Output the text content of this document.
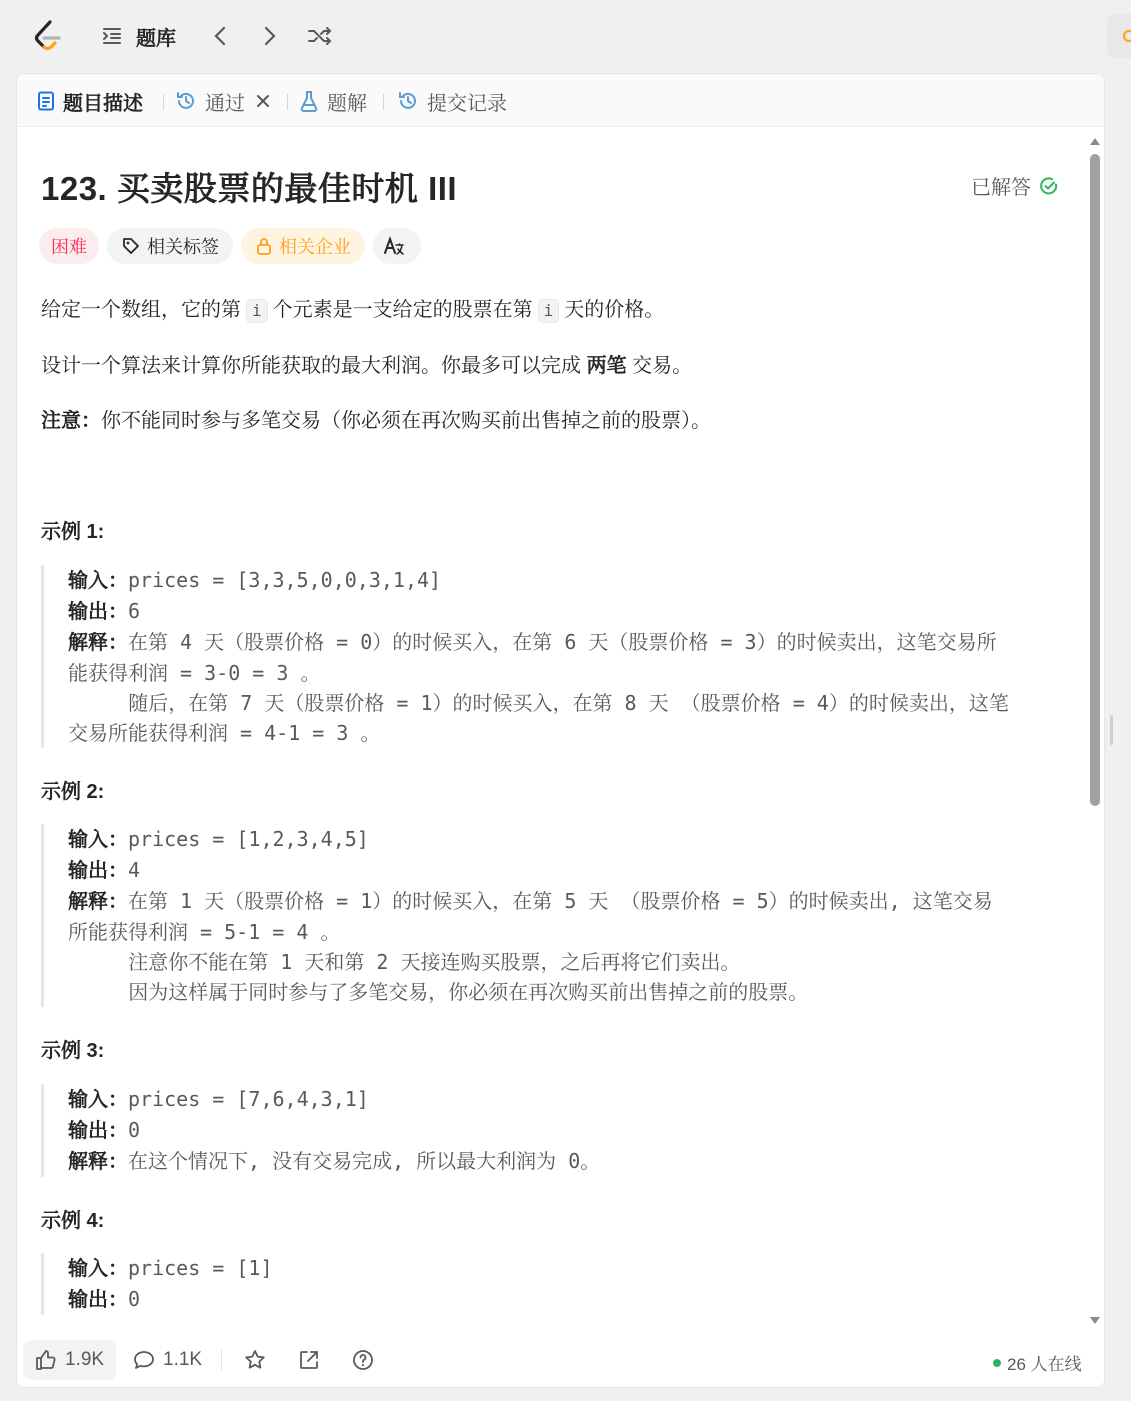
题库
题目描述	通过	题解	提交记录
123. 买卖股票的最佳时机 III	已解答
困难	相关标签	相关企业
给定一个数组，它的第 i 个元素是一支给定的股票在第 i 天的价格。
设计一个算法来计算你所能获取的最大利润。你最多可以完成 两笔 交易。
注意：你不能同时参与多笔交易（你必须在再次购买前出售掉之前的股票）。
示例 1:
输入：prices = [3,3,5,0,0,3,1,4]
输出：6
解释：在第 4 天（股票价格 = 0）的时候买入，在第 6 天（股票价格 = 3）的时候卖出，这笔交易所
能获得利润 = 3-0 = 3 。
随后，在第 7 天（股票价格 = 1）的时候买入，在第 8 天 （股票价格 = 4）的时候卖出，这笔
交易所能获得利润 = 4-1 = 3 。
示例 2:
输入：prices = [1,2,3,4,5]
输出：4
解释：在第 1 天（股票价格 = 1）的时候买入，在第 5 天 （股票价格 = 5）的时候卖出, 这笔交易
所能获得利润 = 5-1 = 4 。
注意你不能在第 1 天和第 2 天接连购买股票，之后再将它们卖出。
因为这样属于同时参与了多笔交易，你必须在再次购买前出售掉之前的股票。
示例 3:
输入：prices = [7,6,4,3,1]
输出：0
解释：在这个情况下, 没有交易完成, 所以最大利润为 0。
示例 4:
输入：prices = [1]
输出：0
1.9K	1.1K	26 人在线
